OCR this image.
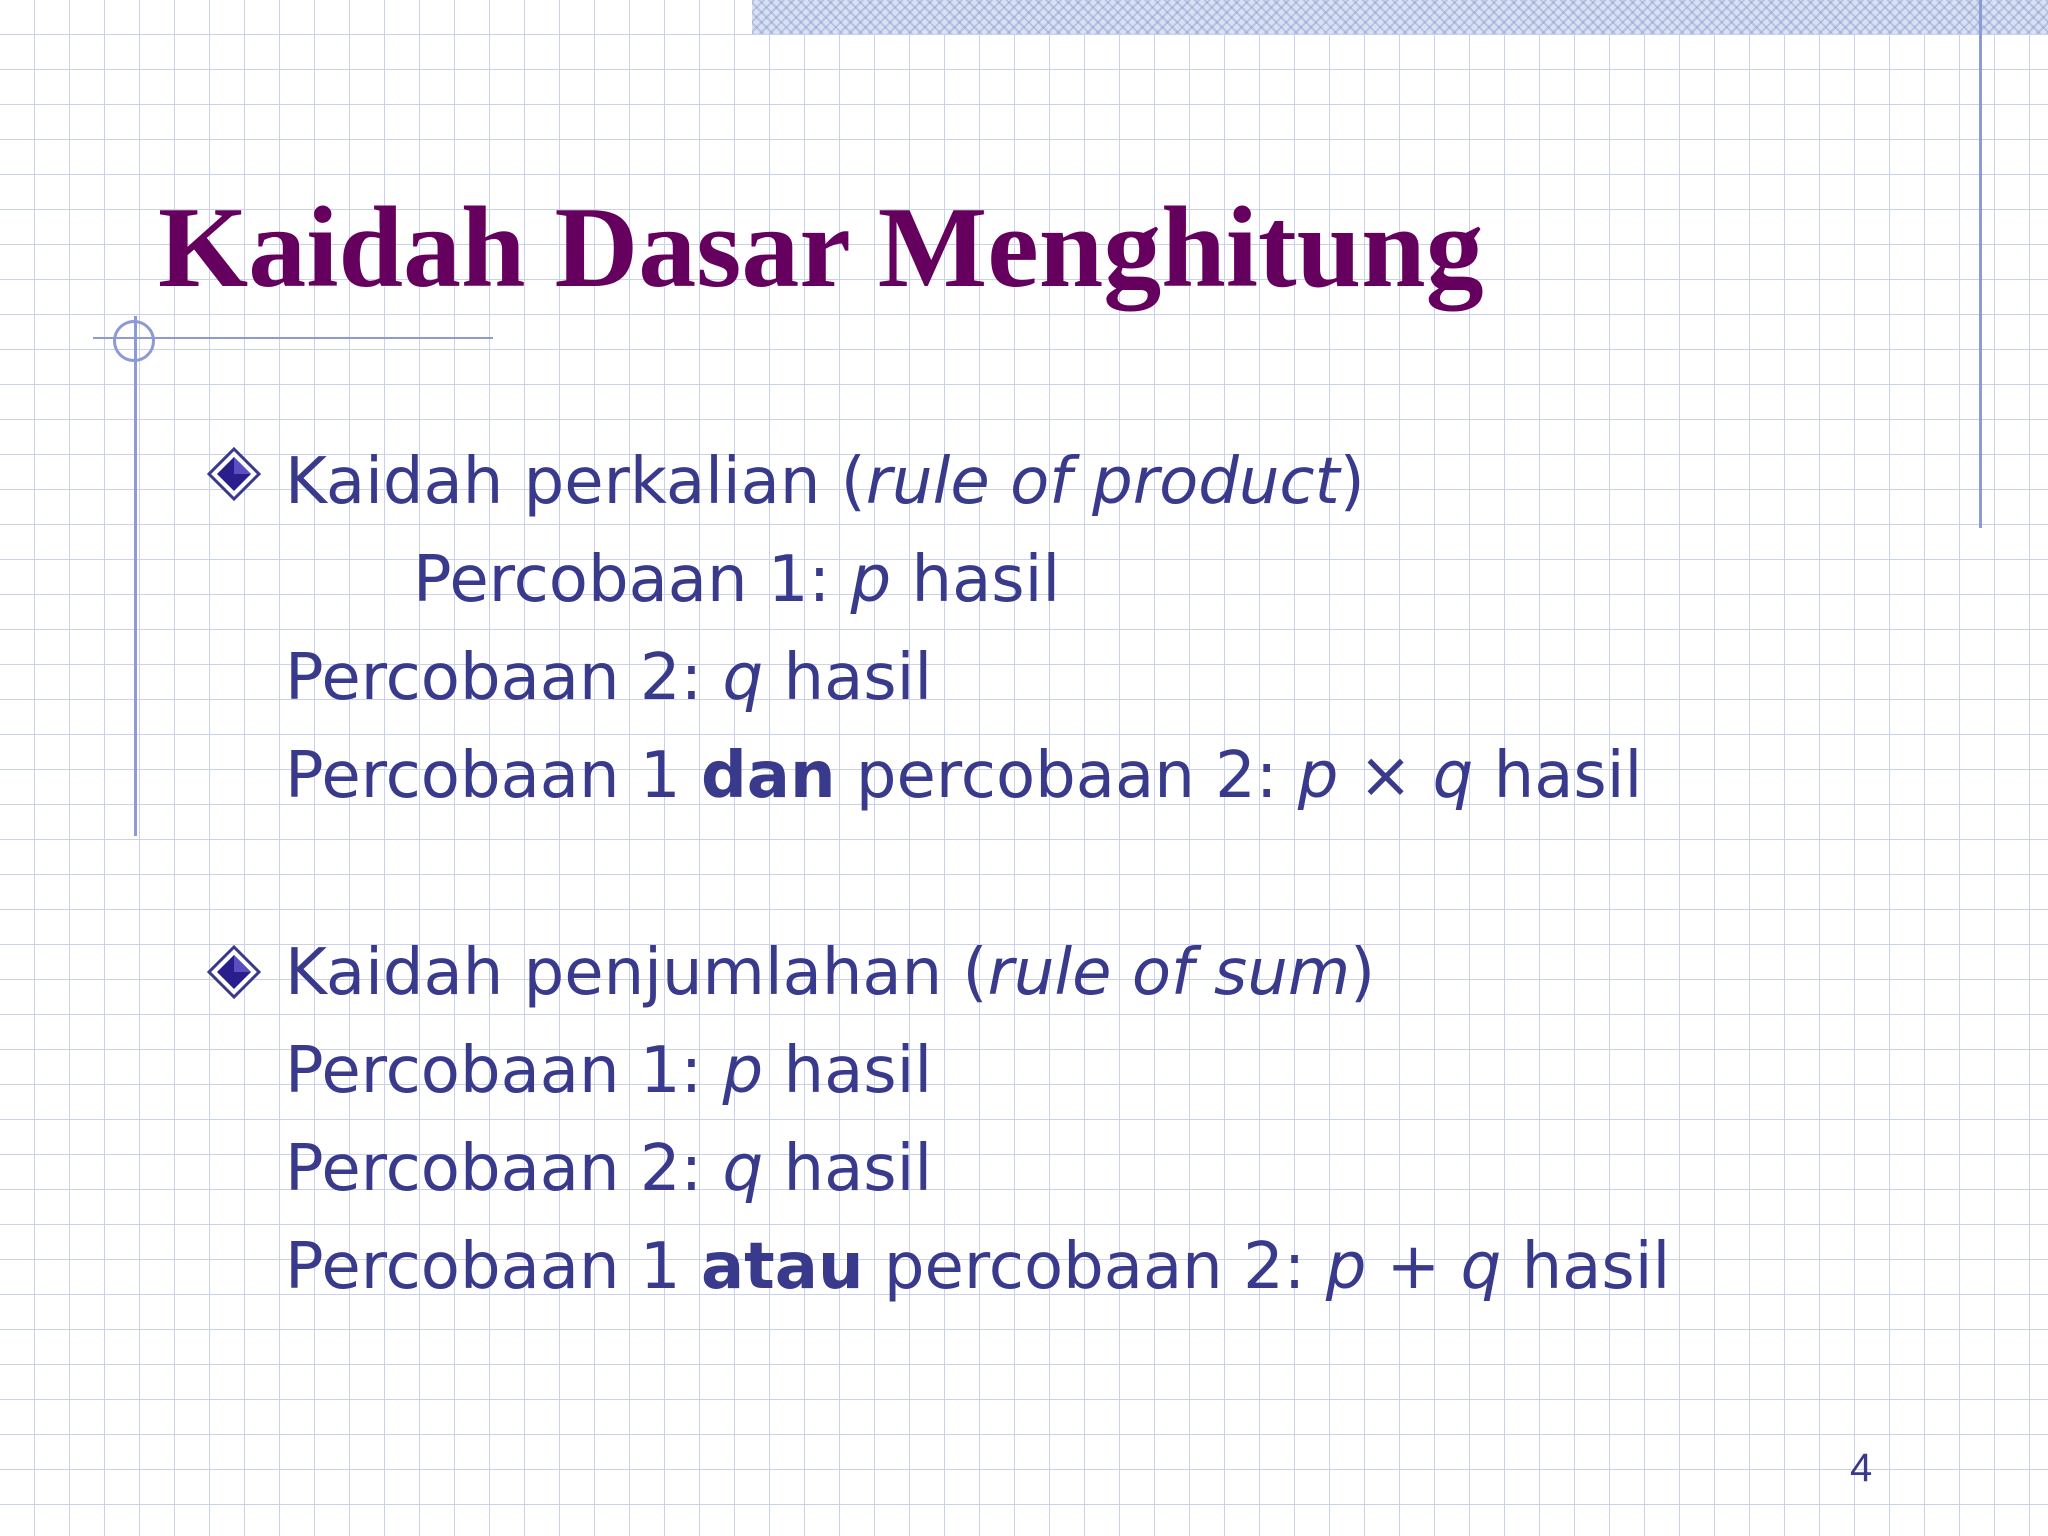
Kaidah Dasar Menghitung
Kaidah perkalian (rule of product)
Percobaan 1: p hasil
Percobaan 2: q hasil
Percobaan 1 dan percobaan 2: p × q hasil
Kaidah penjumlahan (rule of sum)
Percobaan 1: p hasil
Percobaan 2: q hasil
Percobaan 1 atau percobaan 2: p + q hasil
4
